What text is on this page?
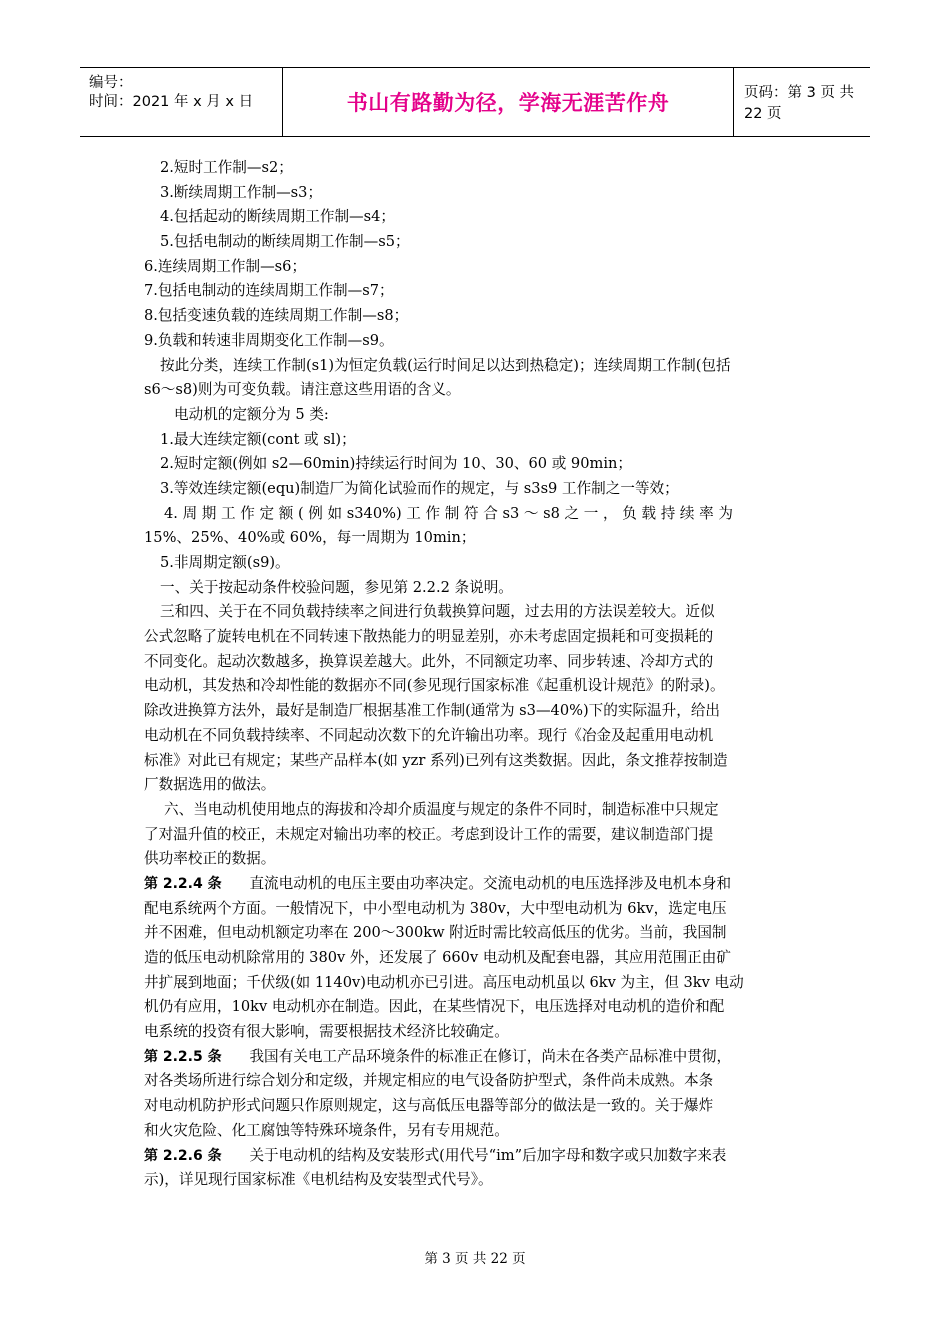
编号：
时间：2021 年 x 月 x 日	书山有路勤为径，学海无涯苦作舟	页码：第 3 页 共 22 页
2.短时工作制—s2；
3.断续周期工作制—s3；
4.包括起动的断续周期工作制—s4；
5.包括电制动的断续周期工作制—s5；
6.连续周期工作制—s6；
7.包括电制动的连续周期工作制—s7；
8.包括变速负载的连续周期工作制—s8；
9.负载和转速非周期变化工作制—s9。
按此分类，连续工作制(s1)为恒定负载(运行时间足以达到热稳定)；连续周期工作制(包括
s6～s8)则为可变负载。请注意这些用语的含义。
电动机的定额分为 5 类:
1.最大连续定额(cont 或 sl)；
2.短时定额(例如 s2—60min)持续运行时间为 10、30、60 或 90min；
3.等效连续定额(equ)制造厂为简化试验而作的规定，与 s3s9 工作制之一等效；
4. 周 期 工 作 定 额 ( 例 如 s340%) 工 作 制 符 合 s3 ～ s8 之 一 ， 负 载 持 续 率 为
15%、25%、40%或 60%，每一周期为 10min；
5.非周期定额(s9)。
一、关于按起动条件校验问题，参见第 2.2.2 条说明。
三和四、关于在不同负载持续率之间进行负载换算问题，过去用的方法误差较大。近似
公式忽略了旋转电机在不同转速下散热能力的明显差别，亦未考虑固定损耗和可变损耗的
不同变化。起动次数越多，换算误差越大。此外，不同额定功率、同步转速、冷却方式的
电动机，其发热和冷却性能的数据亦不同(参见现行国家标准《起重机设计规范》的附录)。
除改进换算方法外，最好是制造厂根据基准工作制(通常为 s3—40%)下的实际温升，给出
电动机在不同负载持续率、不同起动次数下的允许输出功率。现行《冶金及起重用电动机
标准》对此已有规定；某些产品样本(如 yzr 系列)已列有这类数据。因此，条文推荐按制造
厂数据选用的做法。
六、当电动机使用地点的海拔和冷却介质温度与规定的条件不同时，制造标准中只规定
了对温升值的校正，未规定对输出功率的校正。考虑到设计工作的需要，建议制造部门提
供功率校正的数据。
第 2.2.4 条 直流电动机的电压主要由功率决定。交流电动机的电压选择涉及电机本身和
配电系统两个方面。一般情况下，中小型电动机为 380v，大中型电动机为 6kv，选定电压
并不困难，但电动机额定功率在 200～300kw 附近时需比较高低压的优劣。当前，我国制
造的低压电动机除常用的 380v 外，还发展了 660v 电动机及配套电器，其应用范围正由矿
井扩展到地面；千伏级(如 1140v)电动机亦已引进。高压电动机虽以 6kv 为主，但 3kv 电动
机仍有应用，10kv 电动机亦在制造。因此，在某些情况下，电压选择对电动机的造价和配
电系统的投资有很大影响，需要根据技术经济比较确定。
第 2.2.5 条 我国有关电工产品环境条件的标准正在修订，尚未在各类产品标准中贯彻，
对各类场所进行综合划分和定级，并规定相应的电气设备防护型式，条件尚未成熟。本条
对电动机防护形式问题只作原则规定，这与高低压电器等部分的做法是一致的。关于爆炸
和火灾危险、化工腐蚀等特殊环境条件，另有专用规范。
第 2.2.6 条 关于电动机的结构及安装形式(用代号“im”后加字母和数字或只加数字来表
示)，详见现行国家标准《电机结构及安装型式代号》。
第 3 页 共 22 页
